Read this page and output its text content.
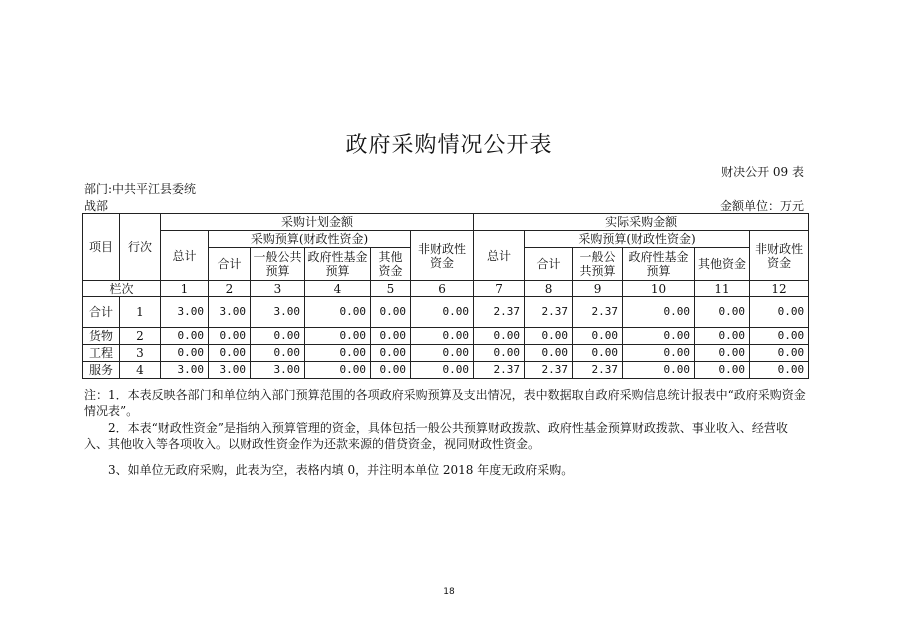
政府采购情况公开表
财决公开 09 表
部门:中共平江县委统
战部	金额单位：万元
项目	行次	采购计划金额						实际采购金额					
		总计	采购预算(财政性资金)				非财政性资金	总计	采购预算(财政性资金)				非财政性资金
			合计	一般公共预算	政府性基金预算	其他资金			合计	一般公共预算	政府性基金预算	其他资金	
栏次		1	2	3	4	5	6	7	8	9	10	11	12
合计	1	3.00	3.00	3.00	0.00	0.00	0.00	2.37	2.37	2.37	0.00	0.00	0.00
货物	2	0.00	0.00	0.00	0.00	0.00	0.00	0.00	0.00	0.00	0.00	0.00	0.00
工程	3	0.00	0.00	0.00	0.00	0.00	0.00	0.00	0.00	0.00	0.00	0.00	0.00
服务	4	3.00	3.00	3.00	0.00	0.00	0.00	2.37	2.37	2.37	0.00	0.00	0.00
注：1．本表反映各部门和单位纳入部门预算范围的各项政府采购预算及支出情况，表中数据取自政府采购信息统计报表中“政府采购资金情况表”。
2．本表“财政性资金”是指纳入预算管理的资金，具体包括一般公共预算财政拨款、政府性基金预算财政拨款、事业收入、经营收入、其他收入等各项收入。以财政性资金作为还款来源的借贷资金，视同财政性资金。
3、如单位无政府采购，此表为空，表格内填 0，并注明本单位 2018 年度无政府采购。
18
